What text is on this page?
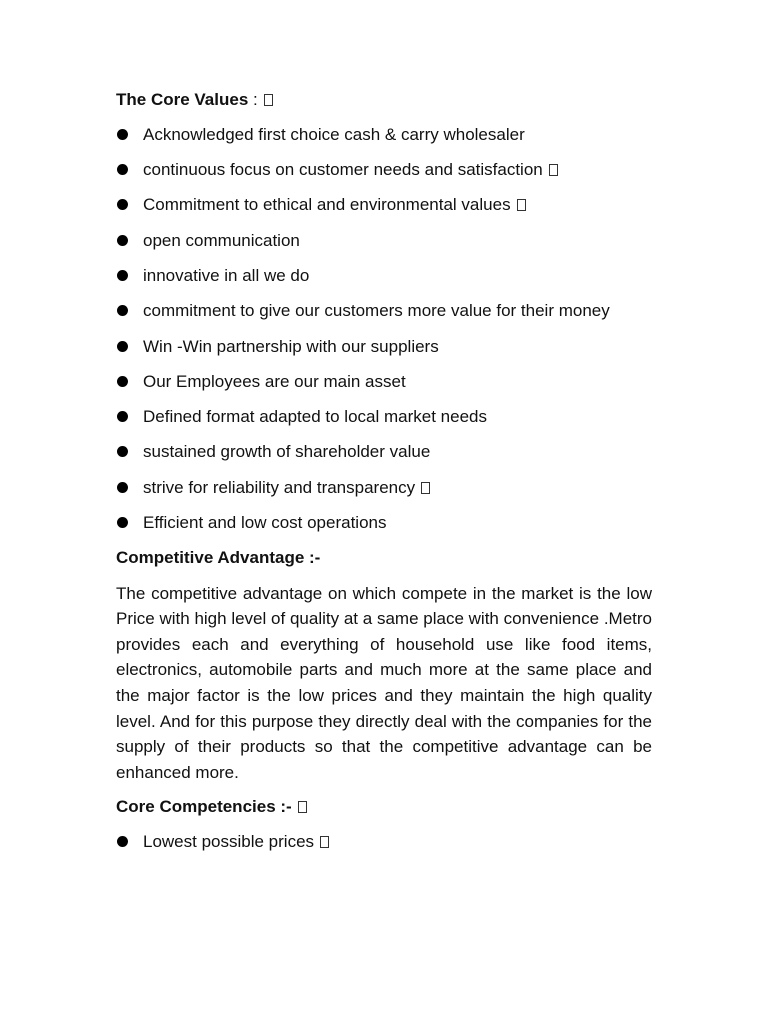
The Core Values :
Acknowledged first choice cash & carry wholesaler
continuous focus on customer needs and satisfaction
Commitment to ethical and environmental values
open communication
innovative in all we do
commitment to give our customers more value for their money
Win -Win partnership with our suppliers
Our Employees are our main asset
Defined format adapted to local market needs
sustained growth of shareholder value
strive for reliability and transparency
Efficient and low cost operations
Competitive Advantage :-

The competitive advantage on which compete in the market is the low Price with high level of quality at a same place with convenience .Metro provides each and everything of household use like food items, electronics, automobile parts and much more at the same place and the major factor is the low prices and they maintain the high quality level. And for this purpose they directly deal with the companies for the supply of their products so that the competitive advantage can be enhanced more.

Core Competencies :-
Lowest possible prices
